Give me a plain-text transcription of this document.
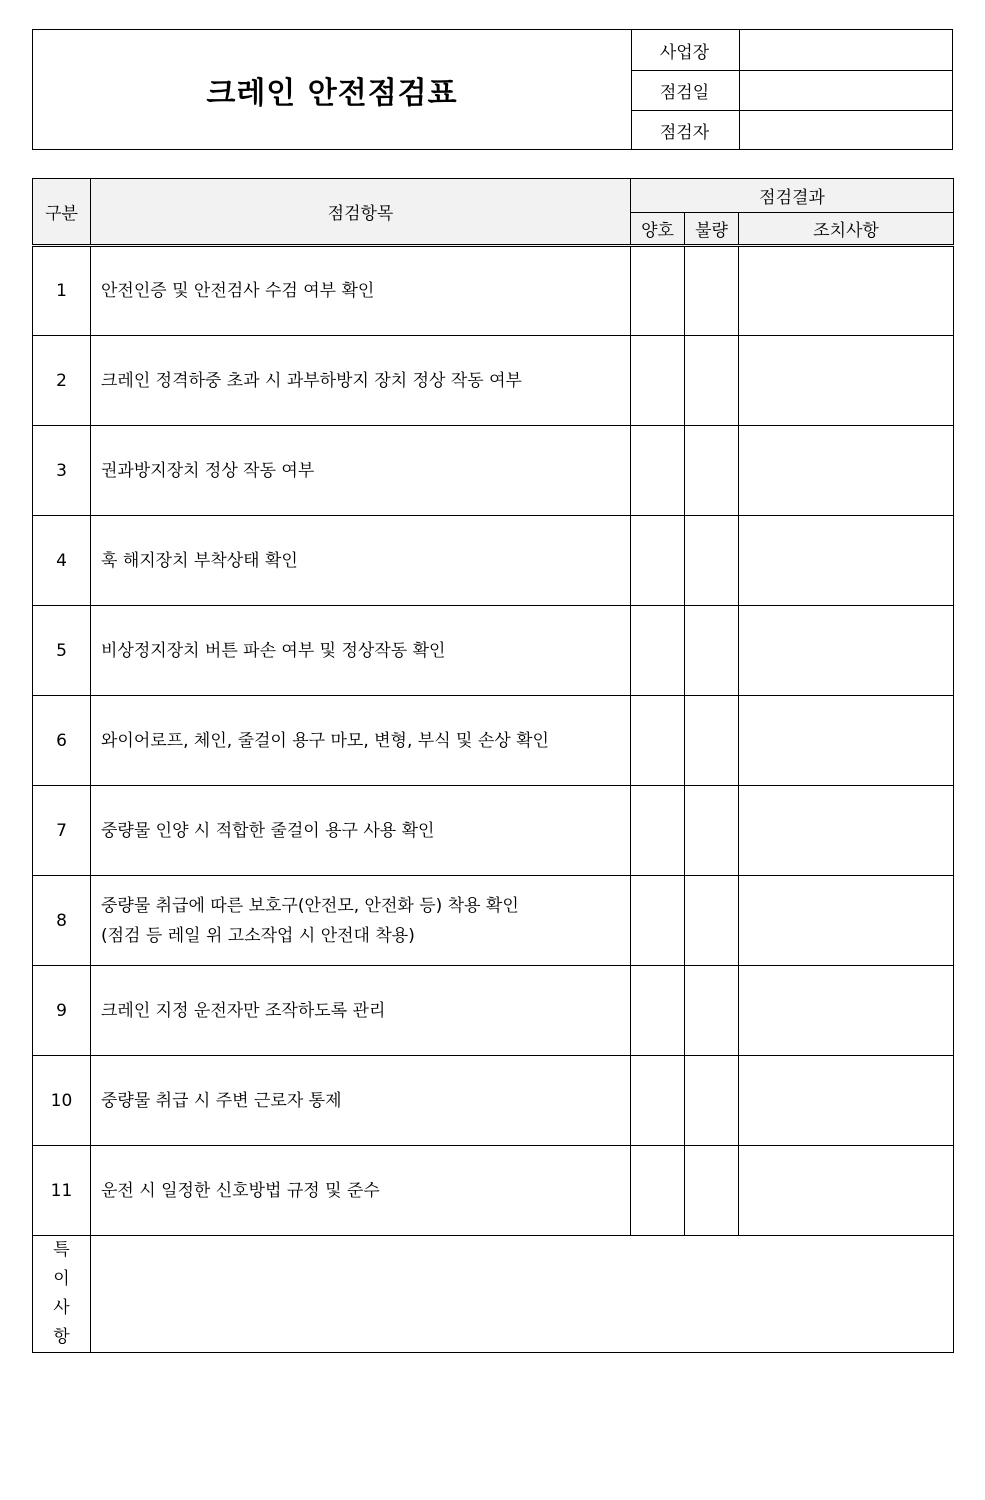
크레인 안전점검표
사업장
점검일
점검자
구분	점검항목	점검결과		
		양호	불량	조치사항
1	안전인증 및 안전검사 수검 여부 확인			
2	크레인 정격하중 초과 시 과부하방지 장치 정상 작동 여부			
3	권과방지장치 정상 작동 여부			
4	훅 해지장치 부착상태 확인			
5	비상정지장치 버튼 파손 여부 및 정상작동 확인			
6	와이어로프, 체인, 줄걸이 용구 마모, 변형, 부식 및 손상 확인			
7	중량물 인양 시 적합한 줄걸이 용구 사용 확인			
8	중량물 취급에 따른 보호구(안전모, 안전화 등) 착용 확인
(점검 등 레일 위 고소작업 시 안전대 착용)			
9	크레인 지정 운전자만 조작하도록 관리			
10	중량물 취급 시 주변 근로자 통제			
11	운전 시 일정한 신호방법 규정 및 준수			

특
이
사
항				
